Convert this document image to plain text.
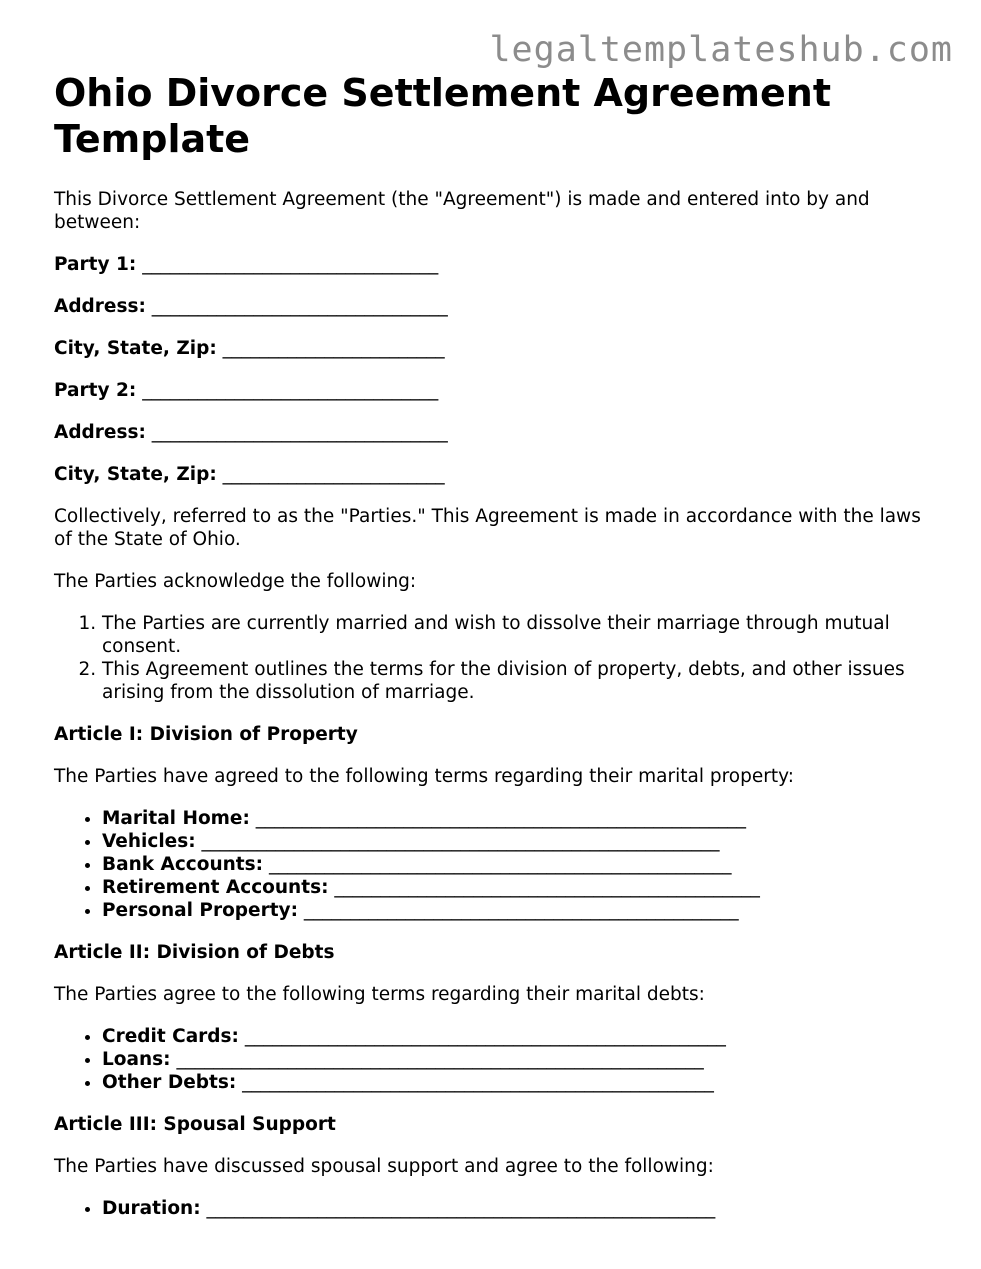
legaltemplateshub.com
Ohio Divorce Settlement Agreement Template

This Divorce Settlement Agreement (the "Agreement") is made and entered into by and between:

Party 1: ________________________________
Address: ________________________________
City, State, Zip: ________________________
Party 2: ________________________________
Address: ________________________________
City, State, Zip: ________________________

Collectively, referred to as the "Parties." This Agreement is made in accordance with the laws of the State of Ohio.

The Parties acknowledge the following:

1. The Parties are currently married and wish to dissolve their marriage through mutual consent.
2. This Agreement outlines the terms for the division of property, debts, and other issues arising from the dissolution of marriage.
Article I: Division of Property

The Parties have agreed to the following terms regarding their marital property:

• Marital Home: _____________________________________________________
• Vehicles: ________________________________________________________
• Bank Accounts: __________________________________________________
• Retirement Accounts: ______________________________________________
• Personal Property: _______________________________________________
Article II: Division of Debts

The Parties agree to the following terms regarding their marital debts:

• Credit Cards: ____________________________________________________
• Loans: _________________________________________________________
• Other Debts: ___________________________________________________
Article III: Spousal Support

The Parties have discussed spousal support and agree to the following:

• Duration: _______________________________________________________
